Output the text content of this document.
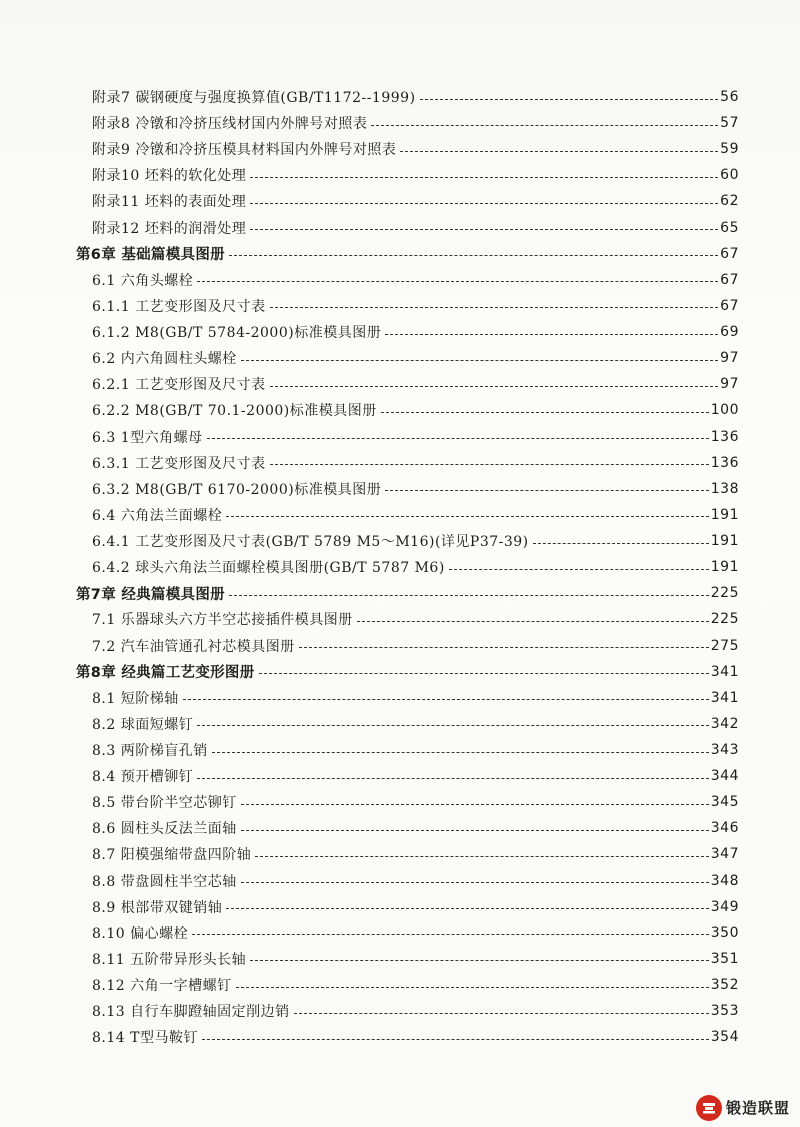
附录7 碳钢硬度与强度换算值(GB/T1172--1999)	56
附录8 冷镦和冷挤压线材国内外牌号对照表	57
附录9 冷镦和冷挤压模具材料国内外牌号对照表	59
附录10 坯料的软化处理	60
附录11 坯料的表面处理	62
附录12 坯料的润滑处理	65
第6章 基础篇模具图册	67
6.1 六角头螺栓	67
6.1.1 工艺变形图及尺寸表	67
6.1.2 M8(GB/T 5784-2000)标准模具图册	69
6.2 内六角圆柱头螺栓	97
6.2.1 工艺变形图及尺寸表	97
6.2.2 M8(GB/T 70.1-2000)标准模具图册	100
6.3 1型六角螺母	136
6.3.1 工艺变形图及尺寸表	136
6.3.2 M8(GB/T 6170-2000)标准模具图册	138
6.4 六角法兰面螺栓	191
6.4.1 工艺变形图及尺寸表(GB/T 5789 M5～M16)(详见P37-39)	191
6.4.2 球头六角法兰面螺栓模具图册(GB/T 5787 M6)	191
第7章 经典篇模具图册	225
7.1 乐器球头六方半空芯接插件模具图册	225
7.2 汽车油管通孔衬芯模具图册	275
第8章 经典篇工艺变形图册	341
8.1 短阶梯轴	341
8.2 球面短螺钉	342
8.3 两阶梯盲孔销	343
8.4 预开槽铆钉	344
8.5 带台阶半空芯铆钉	345
8.6 圆柱头反法兰面轴	346
8.7 阳模强缩带盘四阶轴	347
8.8 带盘圆柱半空芯轴	348
8.9 根部带双键销轴	349
8.10 偏心螺栓	350
8.11 五阶带异形头长轴	351
8.12 六角一字槽螺钉	352
8.13 自行车脚蹬轴固定削边销	353
8.14 T型马鞍钉	354
锻造联盟
